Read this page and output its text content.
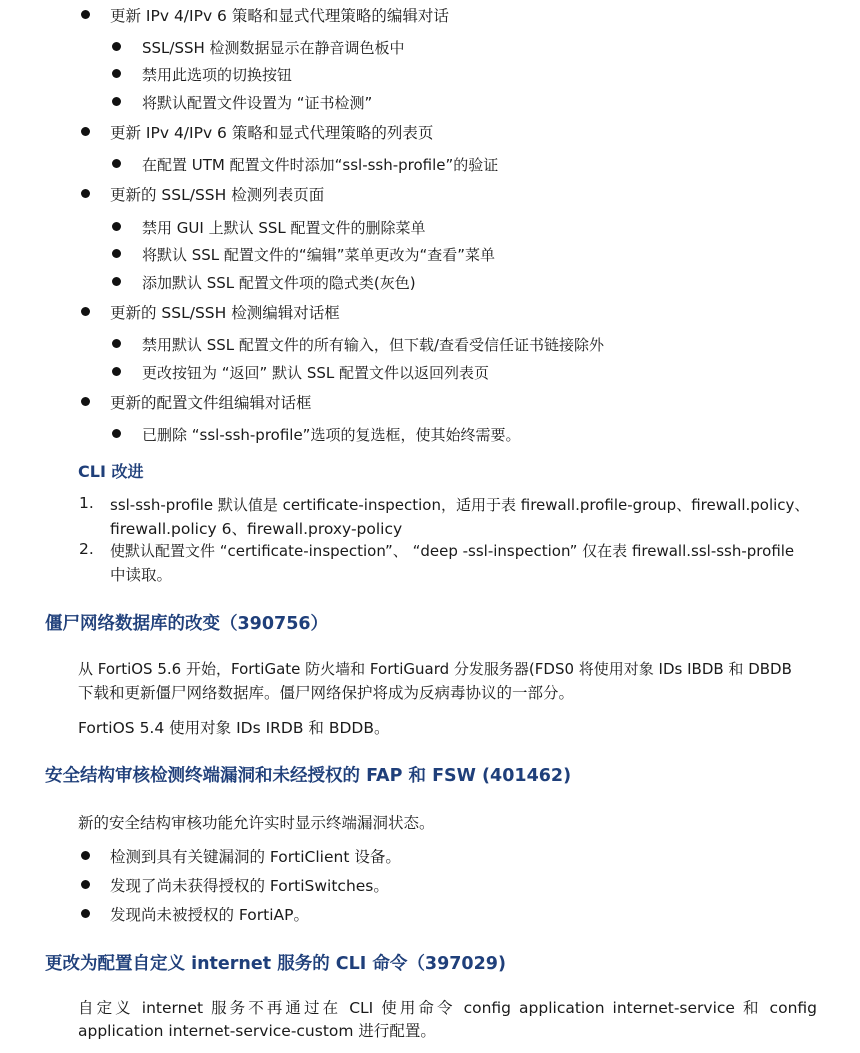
更新 IPv 4/IPv 6 策略和显式代理策略的编辑对话
SSL/SSH 检测数据显示在静音调色板中
禁用此选项的切换按钮
将默认配置文件设置为 “证书检测”
更新 IPv 4/IPv 6 策略和显式代理策略的列表页
在配置 UTM 配置文件时添加“ssl-ssh-profile”的验证
更新的 SSL/SSH 检测列表页面
禁用 GUI 上默认 SSL 配置文件的删除菜单
将默认 SSL 配置文件的“编辑”菜单更改为“查看”菜单
添加默认 SSL 配置文件项的隐式类(灰色)
更新的 SSL/SSH 检测编辑对话框
禁用默认 SSL 配置文件的所有输入，但下载/查看受信任证书链接除外
更改按钮为 “返回” 默认 SSL 配置文件以返回列表页
更新的配置文件组编辑对话框
已删除 “ssl-ssh-profile”选项的复选框，使其始终需要。
CLI 改进
1. ssl-ssh-profile 默认值是 certificate-inspection，适用于表 firewall.profile-group、firewall.policy、
firewall.policy 6、firewall.proxy-policy
2. 使默认配置文件 “certificate-inspection”、 “deep -ssl-inspection” 仅在表 firewall.ssl-ssh-profile
中读取。
僵尸网络数据库的改变（390756）
从 FortiOS 5.6 开始，FortiGate 防火墙和 FortiGuard 分发服务器(FDS0 将使用对象 IDs IBDB 和 DBDB
下载和更新僵尸网络数据库。僵尸网络保护将成为反病毒协议的一部分。
FortiOS 5.4 使用对象 IDs IRDB 和 BDDB。
安全结构审核检测终端漏洞和未经授权的 FAP 和 FSW (401462)
新的安全结构审核功能允许实时显示终端漏洞状态。
检测到具有关键漏洞的 FortiClient 设备。
发现了尚未获得授权的 FortiSwitches。
发现尚未被授权的 FortiAP。
更改为配置自定义 internet 服务的 CLI 命令（397029)
自定义 internet 服务不再通过在 CLI 使用命令 config application internet-service 和 config application internet-service-custom 进行配置。
